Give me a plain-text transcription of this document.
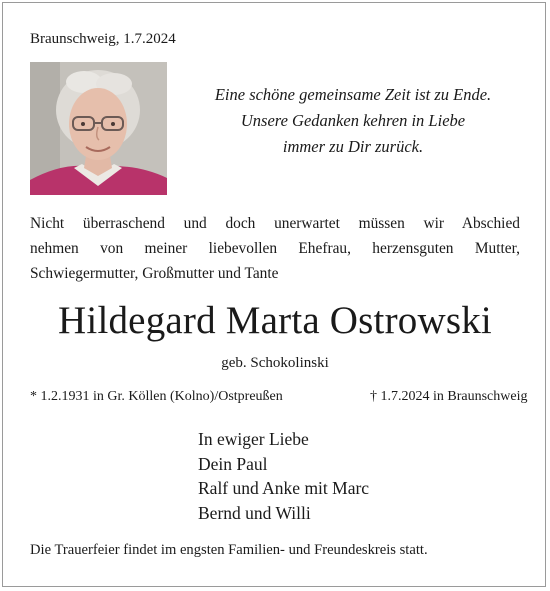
Braunschweig, 1.7.2024
Eine schöne gemeinsame Zeit ist zu Ende.
Unsere Gedanken kehren in Liebe
immer zu Dir zurück.
Nicht überraschend und doch unerwartet müssen wir Abschied
nehmen von meiner liebevollen Ehefrau, herzensguten Mutter,
Schwiegermutter, Großmutter und Tante
Hildegard Marta Ostrowski
geb. Schokolinski
* 1.2.1931 in Gr. Köllen (Kolno)/Ostpreußen	† 1.7.2024 in Braunschweig
In ewiger Liebe
Dein Paul
Ralf und Anke mit Marc
Bernd und Willi
Die Trauerfeier findet im engsten Familien- und Freundeskreis statt.
